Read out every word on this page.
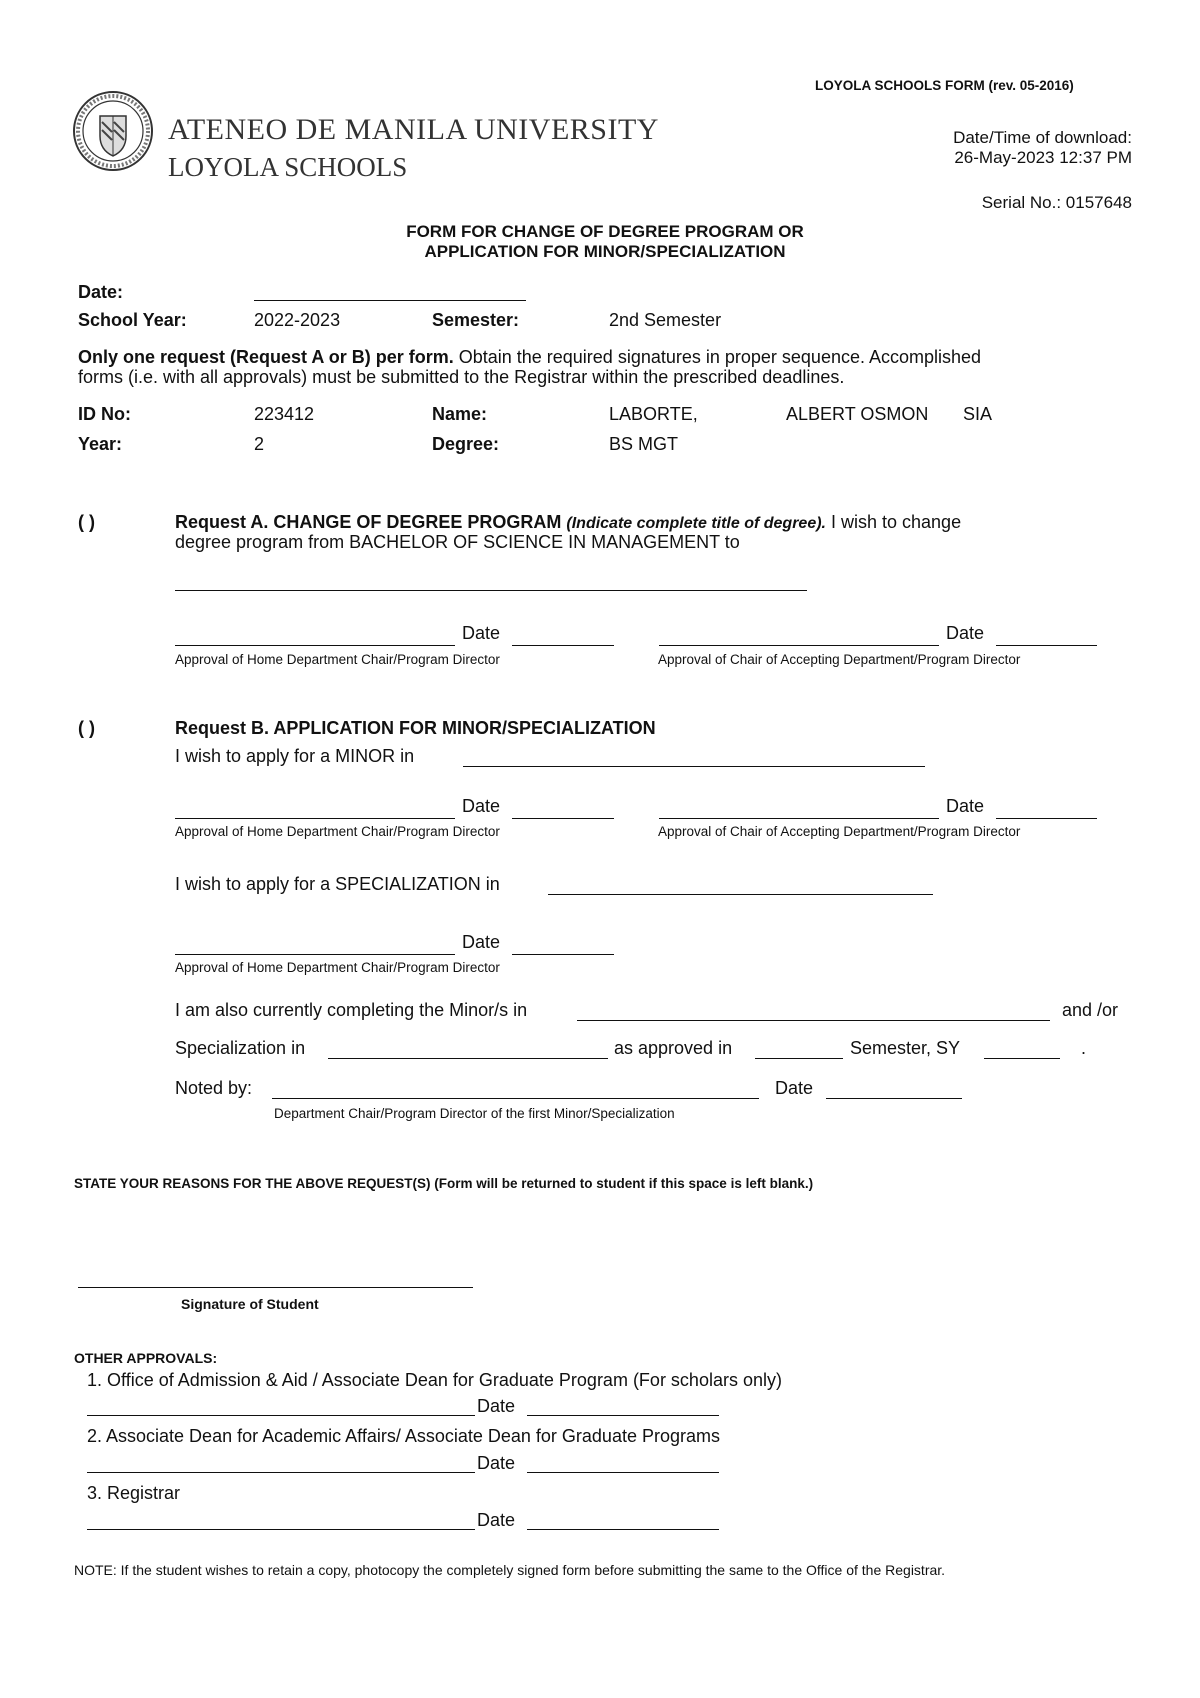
LOYOLA SCHOOLS FORM (rev. 05-2016)
ATENEO DE MANILA UNIVERSITY
LOYOLA SCHOOLS
Date/Time of download:
26-May-2023 12:37 PM
Serial No.: 0157648
FORM FOR CHANGE OF DEGREE PROGRAM OR
APPLICATION FOR MINOR/SPECIALIZATION
Date:
School Year:	2022-2023	Semester:	2nd Semester
Only one request (Request A or B) per form. Obtain the required signatures in proper sequence. Accomplished
forms (i.e. with all approvals) must be submitted to the Registrar within the prescribed deadlines.
ID No:	223412	Name:	LABORTE,	ALBERT OSMON SIA
Year:	2	Degree:	BS MGT
( )	Request A. CHANGE OF DEGREE PROGRAM (Indicate complete title of degree). I wish to change
degree program from BACHELOR OF SCIENCE IN MANAGEMENT to
Date
Approval of Home Department Chair/Program Director
Date
Approval of Chair of Accepting Department/Program Director
( )	Request B. APPLICATION FOR MINOR/SPECIALIZATION
I wish to apply for a MINOR in
Date
Approval of Home Department Chair/Program Director
Date
Approval of Chair of Accepting Department/Program Director
I wish to apply for a SPECIALIZATION in
Date
Approval of Home Department Chair/Program Director
I am also currently completing the Minor/s in	and /or
Specialization in	as approved in	Semester, SY	.
Noted by:	Date
Department Chair/Program Director of the first Minor/Specialization
STATE YOUR REASONS FOR THE ABOVE REQUEST(S) (Form will be returned to student if this space is left blank.)
Signature of Student
OTHER APPROVALS:
1. Office of Admission & Aid / Associate Dean for Graduate Program (For scholars only)
Date
2. Associate Dean for Academic Affairs/ Associate Dean for Graduate Programs
Date
3. Registrar
Date
NOTE: If the student wishes to retain a copy, photocopy the completely signed form before submitting the same to the Office of the Registrar.
